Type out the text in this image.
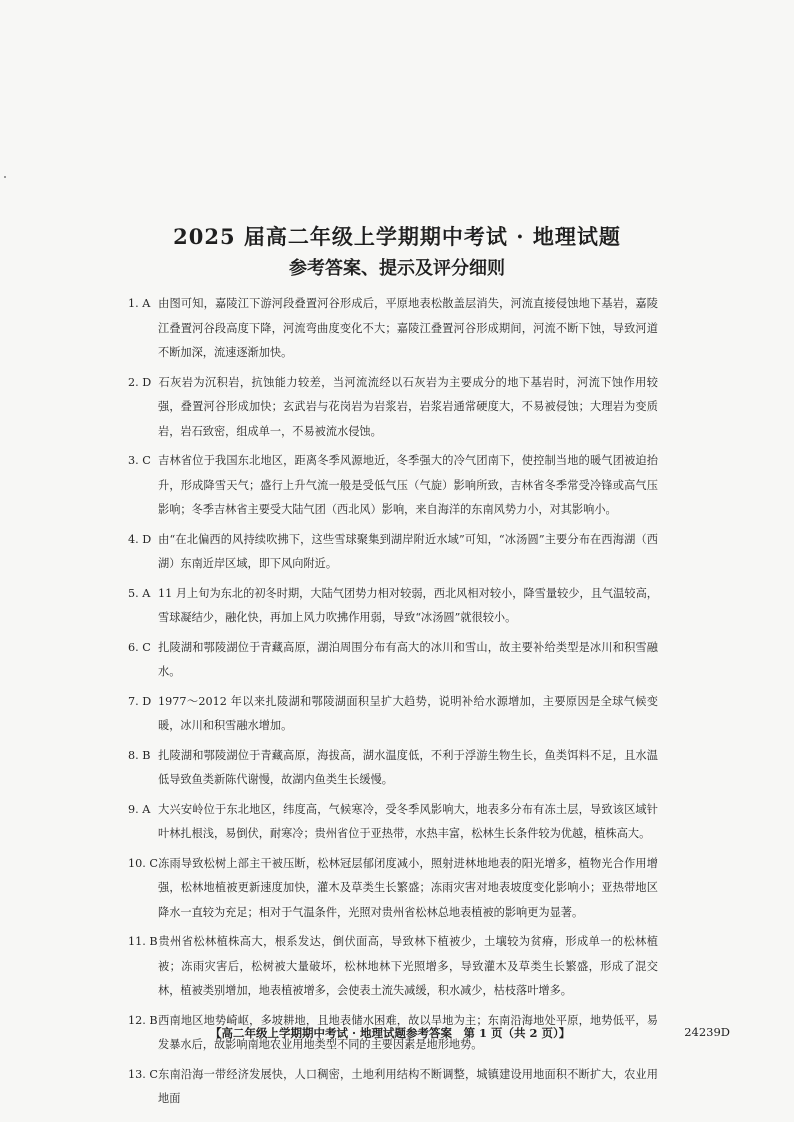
2025 届高二年级上学期期中考试 · 地理试题
参考答案、提示及评分细则

1. A 由图可知，嘉陵江下游河段叠置河谷形成后，平原地表松散盖层消失，河流直接侵蚀地下基岩，嘉陵江叠置河谷段高度下降，河流弯曲度变化不大；嘉陵江叠置河谷形成期间，河流不断下蚀，导致河道不断加深，流速逐渐加快。

2. D 石灰岩为沉积岩，抗蚀能力较差，当河流流经以石灰岩为主要成分的地下基岩时，河流下蚀作用较强，叠置河谷形成加快；玄武岩与花岗岩为岩浆岩，岩浆岩通常硬度大，不易被侵蚀；大理岩为变质岩，岩石致密，组成单一，不易被流水侵蚀。

3. C 吉林省位于我国东北地区，距离冬季风源地近，冬季强大的冷气团南下，使控制当地的暖气团被迫抬升，形成降雪天气；盛行上升气流一般是受低气压（气旋）影响所致，吉林省冬季常受冷锋或高气压影响；冬季吉林省主要受大陆气团（西北风）影响，来自海洋的东南风势力小，对其影响小。

4. D 由“在北偏西的风持续吹拂下，这些雪球聚集到湖岸附近水域”可知，“冰汤圆”主要分布在西海湖（西湖）东南近岸区域，即下风向附近。

5. A 11 月上旬为东北的初冬时期，大陆气团势力相对较弱，西北风相对较小，降雪量较少，且气温较高，雪球凝结少，融化快，再加上风力吹拂作用弱，导致“冰汤圆”就很较小。

6. C 扎陵湖和鄂陵湖位于青藏高原，湖泊周围分布有高大的冰川和雪山，故主要补给类型是冰川和积雪融水。

7. D 1977～2012 年以来扎陵湖和鄂陵湖面积呈扩大趋势，说明补给水源增加，主要原因是全球气候变暖，冰川和积雪融水增加。

8. B 扎陵湖和鄂陵湖位于青藏高原，海拔高，湖水温度低，不利于浮游生物生长，鱼类饵料不足，且水温低导致鱼类新陈代谢慢，故湖内鱼类生长缓慢。

9. A 大兴安岭位于东北地区，纬度高，气候寒冷，受冬季风影响大，地表多分布有冻土层，导致该区域针叶林扎根浅，易倒伏，耐寒冷；贵州省位于亚热带，水热丰富，松林生长条件较为优越，植株高大。

10. C冻雨导致松树上部主干被压断，松林冠层郁闭度减小，照射进林地地表的阳光增多，植物光合作用增强，松林地植被更新速度加快，灌木及草类生长繁盛；冻雨灾害对地表坡度变化影响小；亚热带地区降水一直较为充足；相对于气温条件，光照对贵州省松林总地表植被的影响更为显著。

11. B贵州省松林植株高大，根系发达，倒伏面高，导致林下植被少，土壤较为贫瘠，形成单一的松林植被；冻雨灾害后，松树被大量破坏，松林地林下光照增多，导致灌木及草类生长繁盛，形成了混交林，植被类别增加，地表植被增多，会使表土流失减缓，积水减少，枯枝落叶增多。

12. B西南地区地势崎岖，多坡耕地，且地表储水困难，故以旱地为主；东南沿海地处平原，地势低平，易发暴水后，故影响南地农业用地类型不同的主要因素是地形地势。

13. C东南沿海一带经济发展快，人口稠密，土地利用结构不断调整，城镇建设用地面积不断扩大，农业用地面

【高二年级上学期期中考试 · 地理试题参考答案　第 1 页（共 2 页）】	24239D
